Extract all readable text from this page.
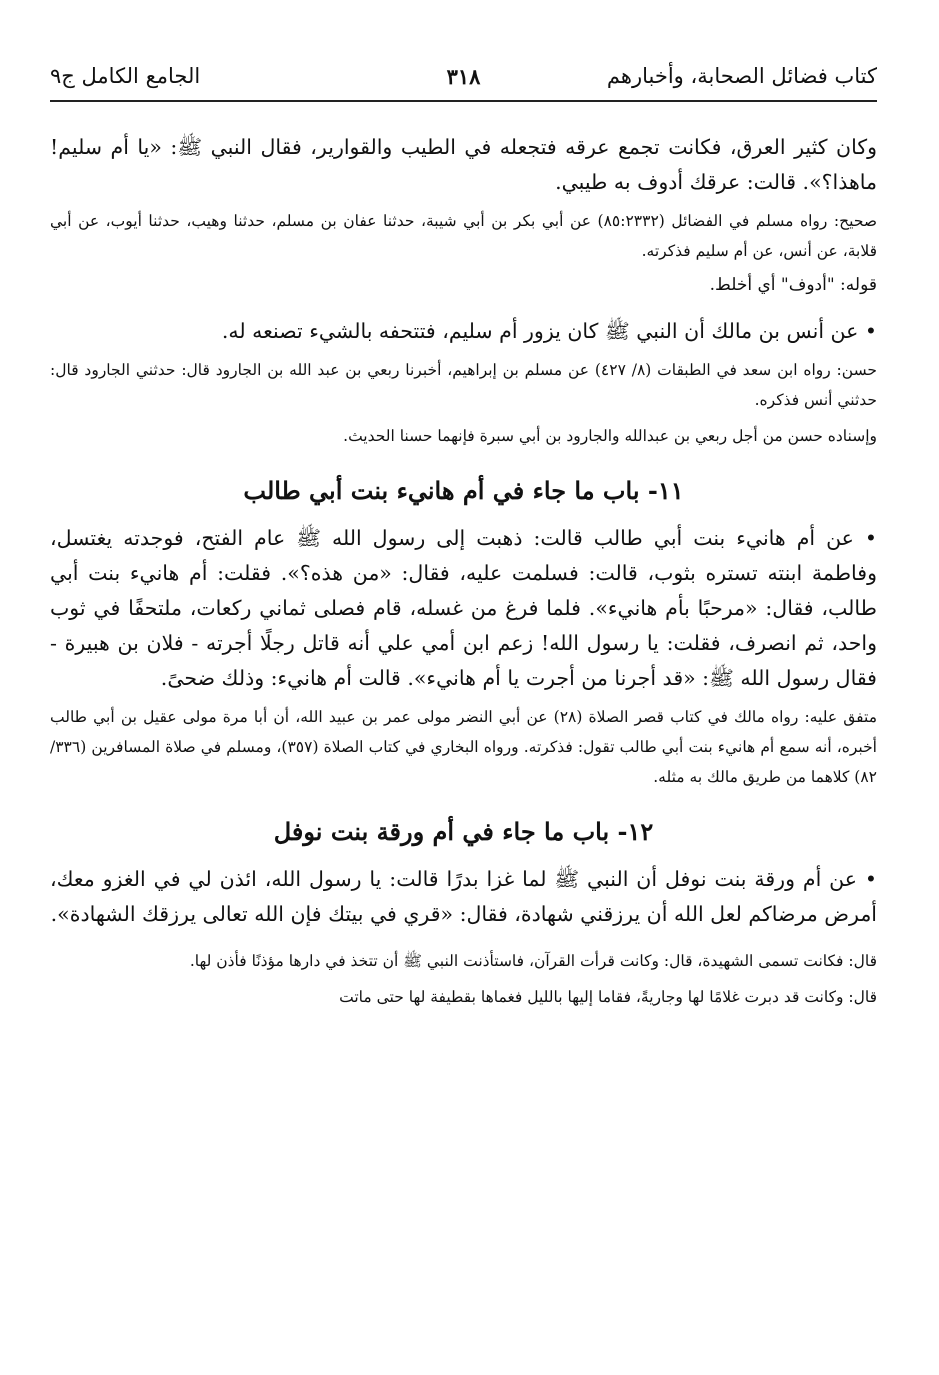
كتاب فضائل الصحابة، وأخبارهم
٣١٨
الجامع الكامل ج٩

وكان كثير العرق، فكانت تجمع عرقه فتجعله في الطيب والقوارير، فقال النبي ﷺ: «يا أم سليم! ماهذا؟». قالت: عرقك أدوف به طيبي.

صحيح: رواه مسلم في الفضائل (٨٥:٢٣٣٢) عن أبي بكر بن أبي شيبة، حدثنا عفان بن مسلم، حدثنا وهيب، حدثنا أيوب، عن أبي قلابة، عن أنس، عن أم سليم فذكرته.

قوله: "أدوف" أي أخلط.

• عن أنس بن مالك أن النبي ﷺ كان يزور أم سليم، فتتحفه بالشيء تصنعه له.

حسن: رواه ابن سعد في الطبقات (٨/ ٤٢٧) عن مسلم بن إبراهيم، أخبرنا ربعي بن عبد الله بن الجارود قال: حدثني الجارود قال: حدثني أنس فذكره.

وإسناده حسن من أجل ربعي بن عبدالله والجارود بن أبي سبرة فإنهما حسنا الحديث.

١١- باب ما جاء في أم هانيء بنت أبي طالب

• عن أم هانيء بنت أبي طالب قالت: ذهبت إلى رسول الله ﷺ عام الفتح، فوجدته يغتسل، وفاطمة ابنته تستره بثوب، قالت: فسلمت عليه، فقال: «من هذه؟». فقلت: أم هانيء بنت أبي طالب، فقال: «مرحبًا بأم هانيء». فلما فرغ من غسله، قام فصلى ثماني ركعات، ملتحفًا في ثوب واحد، ثم انصرف، فقلت: يا رسول الله! زعم ابن أمي علي أنه قاتل رجلًا أجرته - فلان بن هبيرة - فقال رسول الله ﷺ: «قد أجرنا من أجرت يا أم هانيء». قالت أم هانيء: وذلك ضحىً.

متفق عليه: رواه مالك في كتاب قصر الصلاة (٢٨) عن أبي النضر مولى عمر بن عبيد الله، أن أبا مرة مولى عقيل بن أبي طالب أخبره، أنه سمع أم هانيء بنت أبي طالب تقول: فذكرته. ورواه البخاري في كتاب الصلاة (٣٥٧)، ومسلم في صلاة المسافرين (٣٣٦/ ٨٢) كلاهما من طريق مالك به مثله.

١٢- باب ما جاء في أم ورقة بنت نوفل

• عن أم ورقة بنت نوفل أن النبي ﷺ لما غزا بدرًا قالت: يا رسول الله، ائذن لي في الغزو معك، أمرض مرضاكم لعل الله أن يرزقني شهادة، فقال: «قري في بيتك فإن الله تعالى يرزقك الشهادة».

قال: فكانت تسمى الشهيدة، قال: وكانت قرأت القرآن، فاستأذنت النبي ﷺ أن تتخذ في دارها مؤذنًا فأذن لها.

قال: وكانت قد دبرت غلامًا لها وجاريةً، فقاما إليها بالليل فغماها بقطيفة لها حتى ماتت
